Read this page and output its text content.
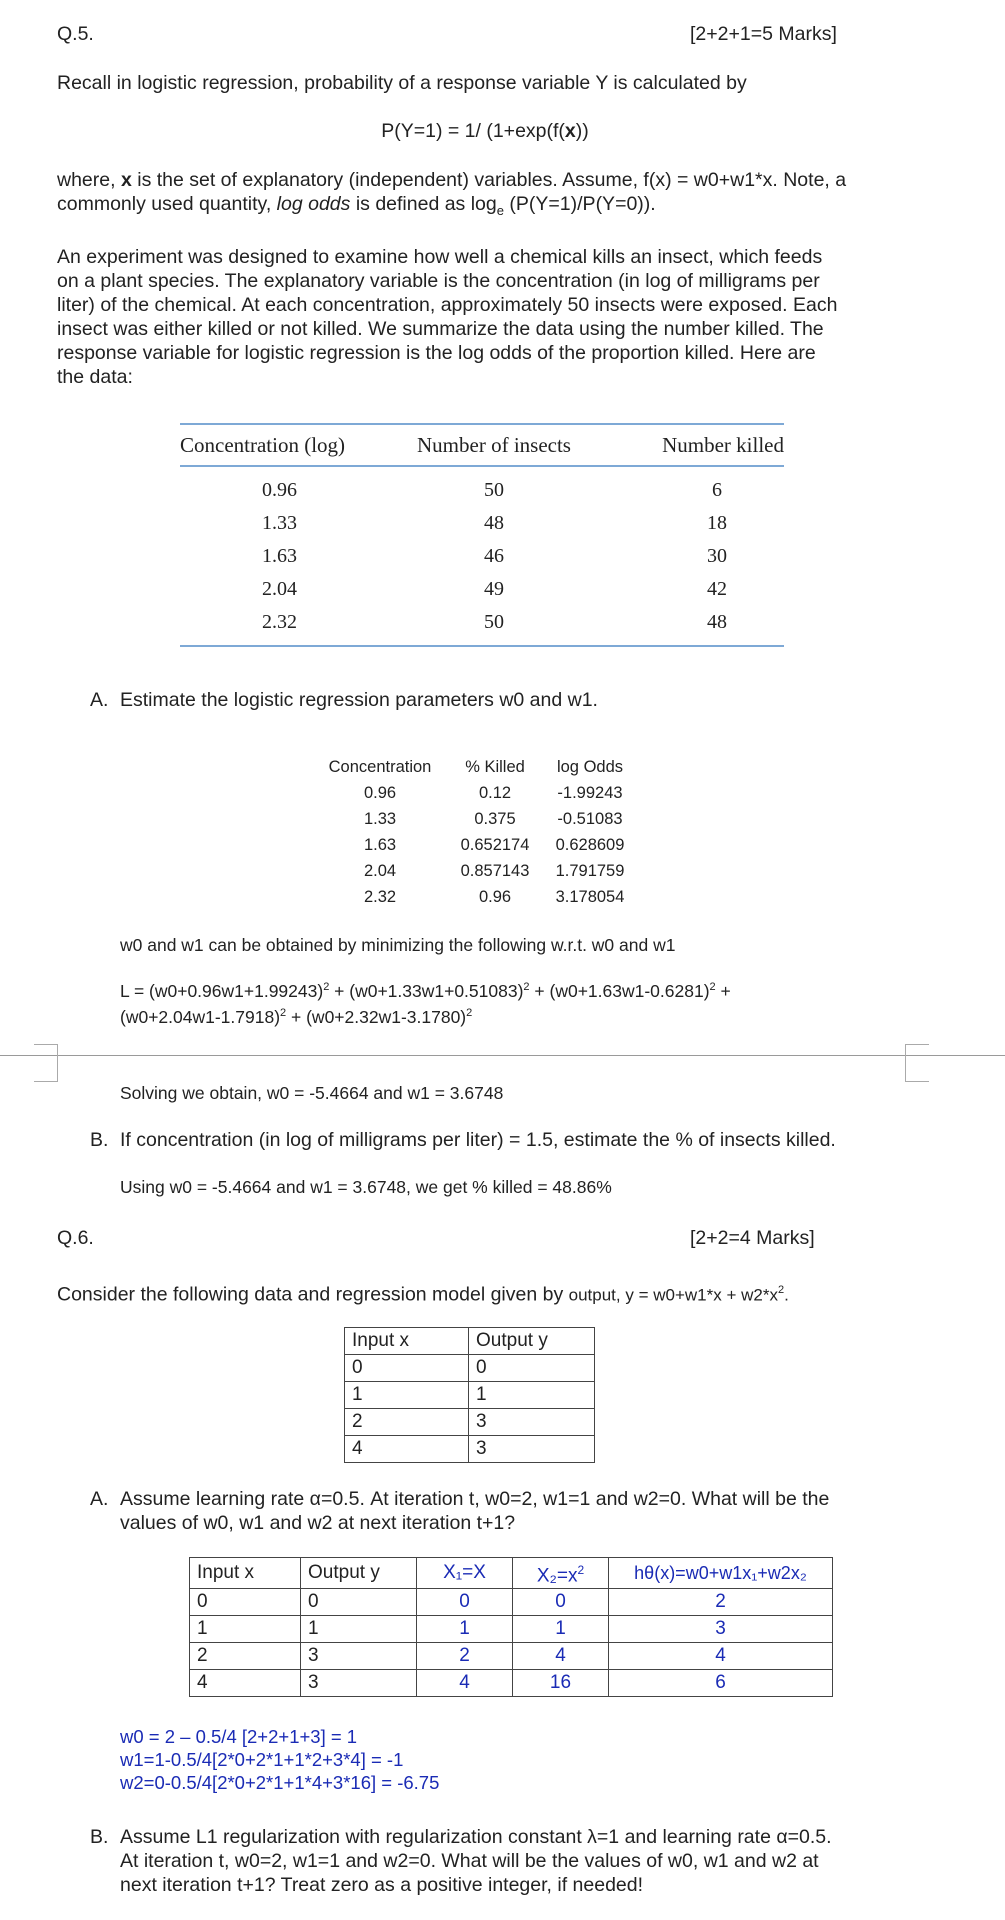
Q.5.	[2+2+1=5 Marks]
Recall in logistic regression, probability of a response variable Y is calculated by
P(Y=1) = 1/ (1+exp(f(x))
where, x is the set of explanatory (independent) variables. Assume, f(x) = w0+w1*x. Note, a
commonly used quantity, log odds is defined as $\log_e (P(Y=1)/P(Y=0))$.
An experiment was designed to examine how well a chemical kills an insect, which feeds
on a plant species. The explanatory variable is the concentration (in log of milligrams per
liter) of the chemical. At each concentration, approximately 50 insects were exposed. Each
insect was either killed or not killed. We summarize the data using the number killed. The
response variable for logistic regression is the log odds of the proportion killed. Here are
the data:
Concentration (log)	Number of insects	Number killed
0.96	50	6
1.33	48	18
1.63	46	30
2.04	49	42
2.32	50	48
A. Estimate the logistic regression parameters w0 and w1.
Concentration	% Killed	log Odds
0.96	0.12	-1.99243
1.33	0.375	-0.51083
1.63	0.652174	0.628609
2.04	0.857143	1.791759
2.32	0.96	3.178054
w0 and w1 can be obtained by minimizing the following w.r.t. w0 and w1
$L = (w0+0.96w1+1.99243)^2 + (w0+1.33w1+0.51083)^2 + (w0+1.63w1-0.6281)^2$ +
$(w0+2.04w1-1.7918)^2 + (w0+2.32w1-3.1780)^2$
Solving we obtain, w0 = -5.4664 and w1 = 3.6748
B. If concentration (in log of milligrams per liter) = 1.5, estimate the % of insects killed.
Using w0 = -5.4664 and w1 = 3.6748, we get % killed = 48.86%
Q.6.	[2+2=4 Marks]
Consider the following data and regression model given by output, $y = w0+w1*x + w2*x^2$.
Input x	Output y
0	0
1	1
2	3
4	3
A. Assume learning rate α=0.5. At iteration t, w0=2, w1=1 and w2=0. What will be the
values of w0, w1 and w2 at next iteration t+1?
Input x	Output y	X₁=X	$X_2=x^2$	hθ(x)=w0+w1x₁+w2x₂
0	0	0	0	2
1	1	1	1	3
2	3	2	4	4
4	3	4	16	6
w0 = 2 – 0.5/4 [2+2+1+3] = 1
w1=1-0.5/4[2*0+2*1+1*2+3*4] = -1
w2=0-0.5/4[2*0+2*1+1*4+3*16] = -6.75
B. Assume L1 regularization with regularization constant λ=1 and learning rate α=0.5.
At iteration t, w0=2, w1=1 and w2=0. What will be the values of w0, w1 and w2 at
next iteration t+1? Treat zero as a positive integer, if needed!
